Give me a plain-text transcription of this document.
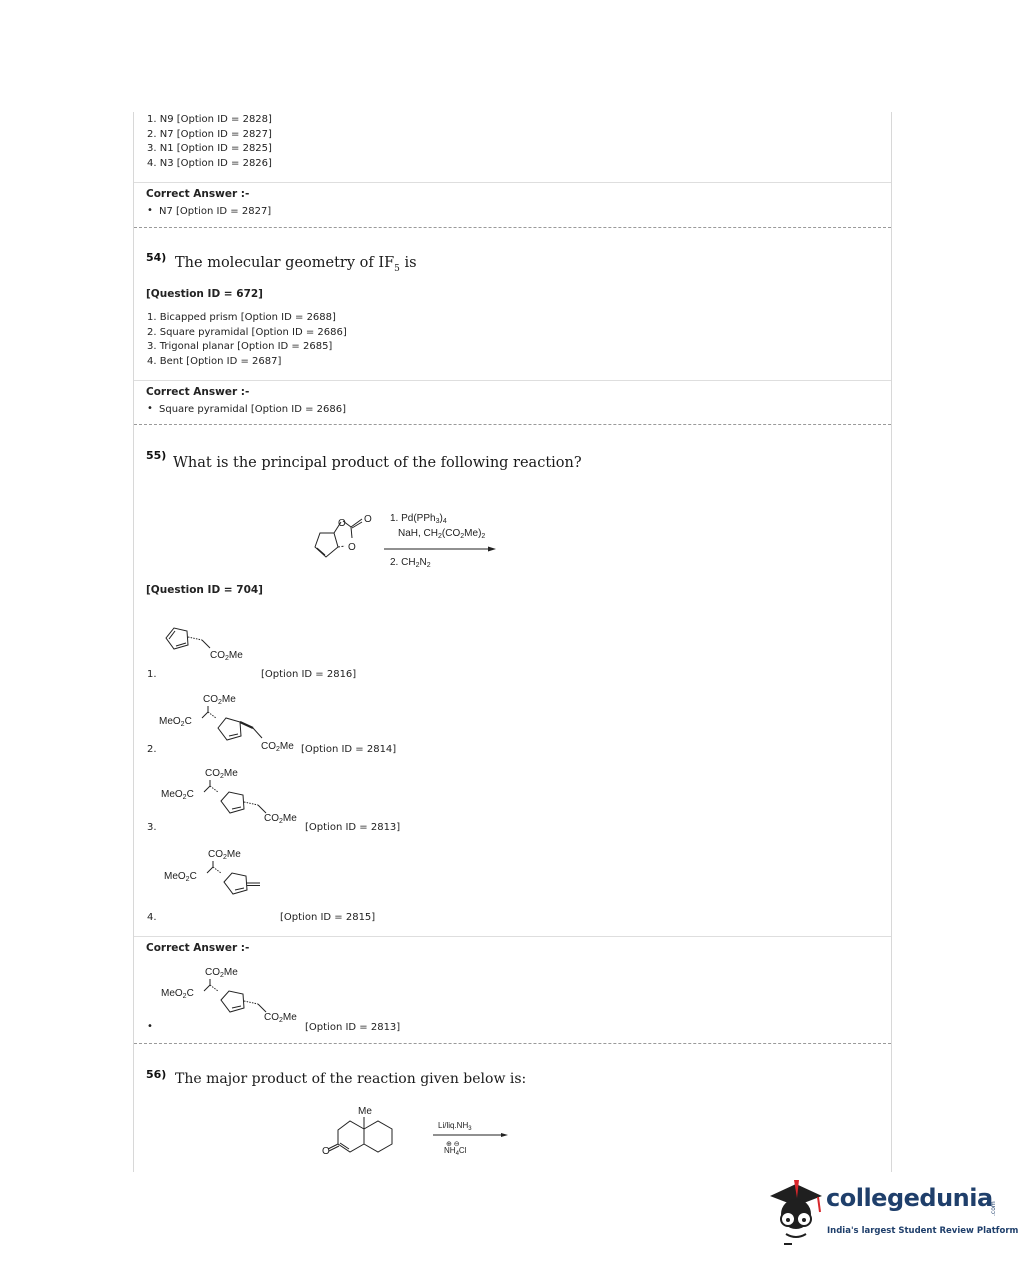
1. N9 [Option ID = 2828]
2. N7 [Option ID = 2827]
3. N1 [Option ID = 2825]
4. N3 [Option ID = 2826]
Correct Answer :-
• N7 [Option ID = 2827]
54) The molecular geometry of $IF_5$ is
[Question ID = 672]
1. Bicapped prism [Option ID = 2688]
2. Square pyramidal [Option ID = 2686]
3. Trigonal planar [Option ID = 2685]
4. Bent [Option ID = 2687]
Correct Answer :-
• Square pyramidal [Option ID = 2686]
55) What is the principal product of the following reaction?
O
O
O 1. $Pd(PPh_3)_4$
NaH, $CH_2(CO_2Me)_2$
2. $CH_2N_2$
[Question ID = 704]
$CO_2Me$
1.	[Option ID = 2816]
$CO_2Me$
MeO$_2$C
$CO_2Me$
2.	[Option ID = 2814]
$CO_2Me$
MeO$_2$C
$CO_2Me$
3.	[Option ID = 2813]
$CO_2Me$
MeO$_2$C
4.	[Option ID = 2815]
Correct Answer :-
$CO_2Me$
MeO$_2$C
$CO_2Me$
•	[Option ID = 2813]
56) The major product of the reaction given below is:
O
Me
$Li/liq.NH_3$
⊕ ⊖
$NH_4Cl$
collegedunia
.com
India's largest Student Review Platform
